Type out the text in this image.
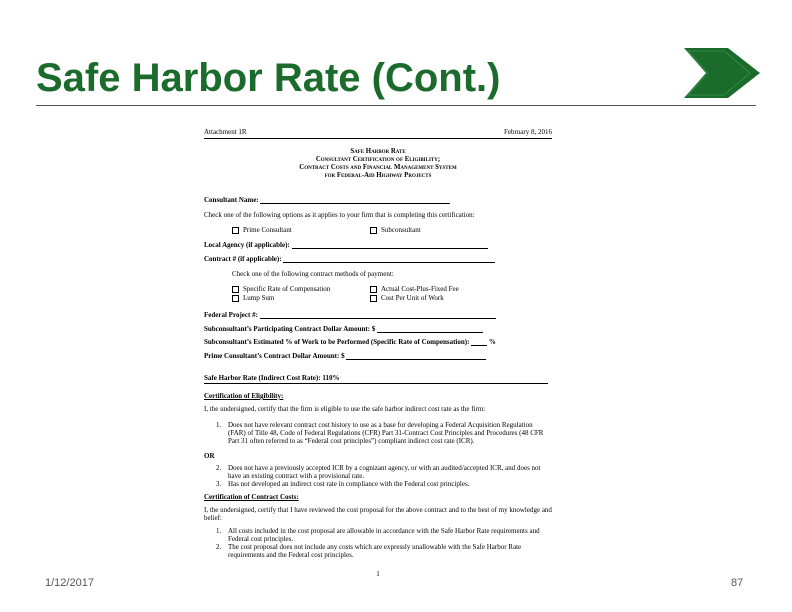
Safe Harbor Rate (Cont.)
1/12/2017	87
Attachment 1R	February 8, 2016
Safe Harbor Rate
Consultant Certification of Eligibility;
Contract Costs and Financial Management System
for Federal-Aid Highway Projects
Consultant Name:
Check one of the following options as it applies to your firm that is completing this certification:
Prime Consultant	Subconsultant
Local Agency (if applicable):
Contract # (if applicable):
Check one of the following contract methods of payment:
Specific Rate of Compensation	Actual Cost-Plus-Fixed Fee
Lump Sum	Cost Per Unit of Work
Federal Project #:
Subconsultant’s Participating Contract Dollar Amount: $
Subconsultant’s Estimated % of Work to be Performed (Specific Rate of Compensation):	%
Prime Consultant’s Contract Dollar Amount: $
Safe Harbor Rate (Indirect Cost Rate): 110%
Certification of Eligibility:
I, the undersigned, certify that the firm is eligible to use the safe harbor indirect cost rate as the firm:
1. Does not have relevant contract cost history to use as a base for developing a Federal Acquisition Regulation (FAR) of Title 48, Code of Federal Regulations (CFR) Part 31-Contract Cost Principles and Procedures (48 CFR Part 31 often referred to as “Federal cost principles”) compliant indirect cost rate (ICR).
OR
2. Does not have a previously accepted ICR by a cognizant agency, or with an audited/accepted ICR, and does not have an existing contract with a provisional rate.
3. Has not developed an indirect cost rate in compliance with the Federal cost principles.
Certification of Contract Costs:
I, the undersigned, certify that I have reviewed the cost proposal for the above contract and to the best of my knowledge and belief:
1. All costs included in the cost proposal are allowable in accordance with the Safe Harbor Rate requirements and Federal cost principles.
2. The cost proposal does not include any costs which are expressly unallowable with the Safe Harbor Rate requirements and the Federal cost principles.
1
